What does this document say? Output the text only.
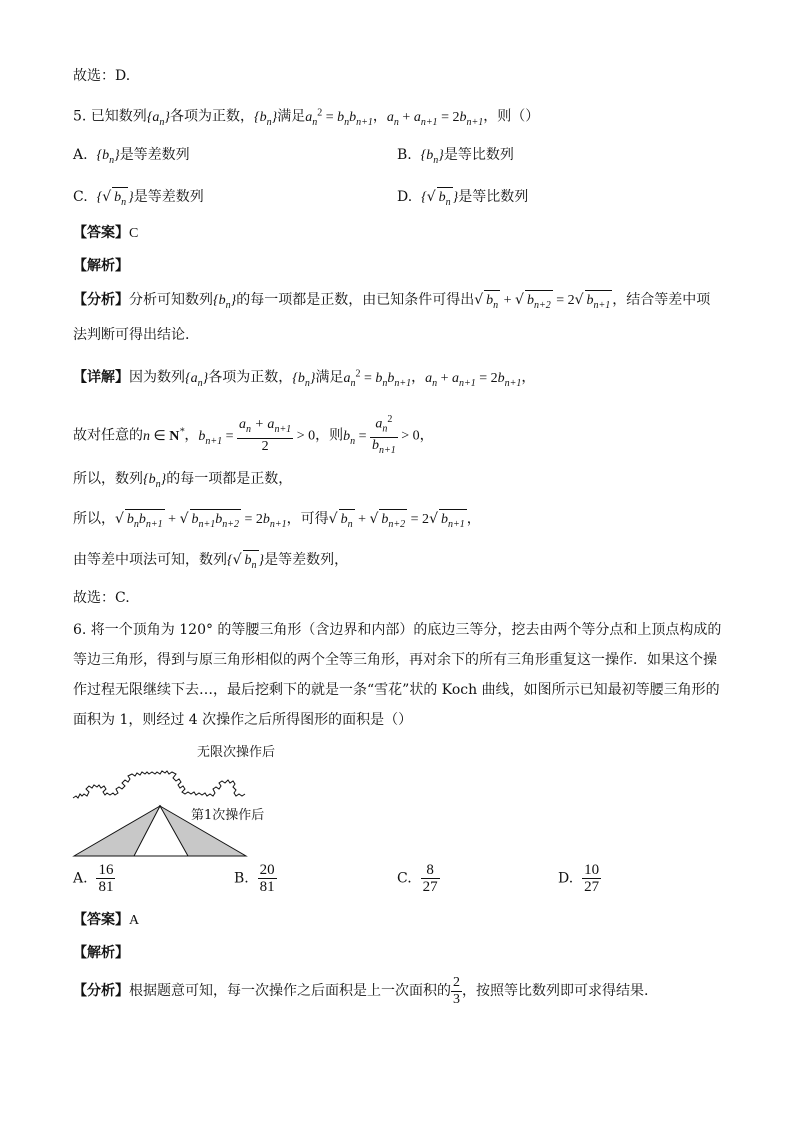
故选：D.
5. 已知数列$\{a_n\}$各项为正数，$\{b_n\}$满足$a_n^2 = b_nb_{n+1}$，$a_n + a_{n+1} = 2b_{n+1}$，则（）
A. $\{b_n\}$是等差数列	B. $\{b_n\}$是等比数列
C. {√ $b_n$ }是等差数列	D. {√ $b_n$ }是等比数列
【答案】C
【解析】
【分析】分析可知数列$\{b_n\}$的每一项都是正数，由已知条件可得出√ $b_n$ + √ $b_{n+2} = 2√$ $b_{n+1}$ ，结合等差中项
法判断可得出结论.
【详解】因为数列$\{a_n\}$各项为正数，$\{b_n\}$满足$a_n^2 = b_nb_{n+1}$，$a_n + a_{n+1} = 2b_{n+1}$，
故对任意的n ∈ N*，$b_{n+1} = \frac{a_n + a_{n+1}}{2} > 0$，则$b_n = \frac{a_n^2}{b_{n+1}} > 0$，
所以，数列$\{b_n\}$的每一项都是正数，
所以，√ $b_nb_{n+1}$ + √ $b_{n+1}b_{n+2} = 2b_{n+1}$，可得√ $b_n$ + √ $b_{n+2} = 2√$ $b_{n+1}$ ，
由等差中项法可知，数列{√ $b_n$ }是等差数列，
故选：C.
6. 将一个顶角为 120° 的等腰三角形（含边界和内部）的底边三等分，挖去由两个等分点和上顶点构成的
等边三角形，得到与原三角形相似的两个全等三角形，再对余下的所有三角形重复这一操作．如果这个操
作过程无限继续下去…，最后挖剩下的就是一条“雪花”状的 Koch 曲线，如图所示已知最初等腰三角形的
面积为 1，则经过 4 次操作之后所得图形的面积是（）
无限次操作后
第1次操作后
A. $\frac{16}{81}$	B. $\frac{20}{81}$	C. $\frac{8}{27}$	D. $\frac{10}{27}$
【答案】A
【解析】
【分析】根据题意可知，每一次操作之后面积是上一次面积的 $\frac{2}{3}$ ，按照等比数列即可求得结果.
